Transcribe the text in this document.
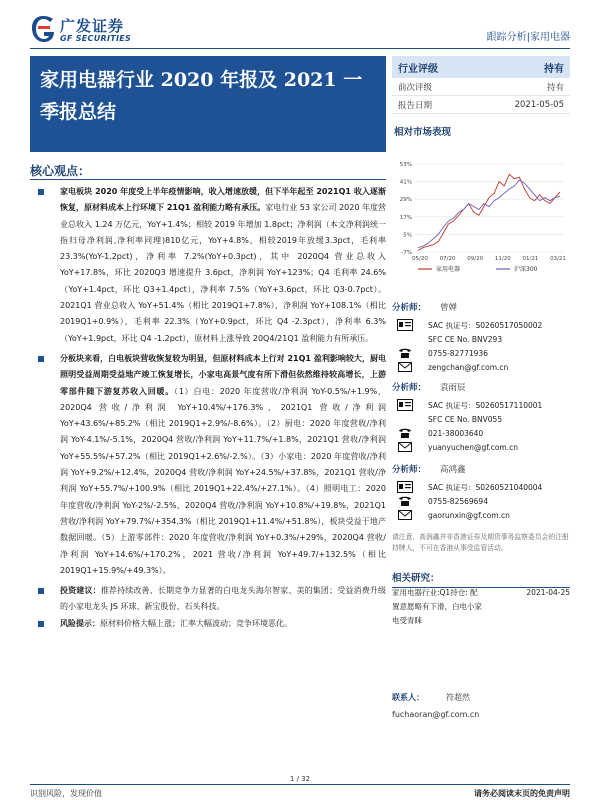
广发证券
GF SECURITIES	跟踪分析|家用电器
家用电器行业 2020 年报及 2021 一季报总结
收入逐渐向好，期待盈利恢复
行业评级	持有
前次评级	持有
报告日期	2021-05-05
相对市场表现
53%
41%
29%
17%
5%
-7%
05/20 07/20 09/20 11/20 01/21 03/21
家用电器	沪深300
分析师： 曾婵
SAC 执证号：S0260517050002
SFC CE No. BNV293
0755-82771936
zengchan@gf.com.cn
分析师： 袁雨辰
SAC 执证号：S0260517110001
SFC CE No. BNV055
021-38003640
yuanyuchen@gf.com.cn
分析师： 高鸿鑫
SAC 执证号：S0260521040004
0755-82569694
gaorunxin@gf.com.cn
请注意，高润鑫并非香港证券及期货事务监察委员会的注册持牌人，不可在香港从事受监管活动。
相关研究：
家用电器行业:Q1持仓: 配	2021-04-25
置意愿略有下滑，白电小家
电受青睐
联系人：	符超然
fuchaoran@gf.com.cn
核心观点：
家电板块 2020 年度受上半年疫情影响，收入增速放缓，但下半年起至 2021Q1 收入逐渐恢复，原材料成本上行环境下 21Q1 盈利能力略有承压。家电行业 53 家公司 2020 年度营业总收入 1.24 万亿元，YoY+1.4%；相较 2019 年增加 1.8pct；净利润（本文净利润统一指归母净利润,净利率同理)810亿元，YoY+4.8%，相较2019年放缓3.3pct，毛利率 23.3%(YoY-1.2pct)，净利率 7.2%(YoY+0.3pct)，其中 2020Q4 营业总收入 YoY+17.8%，环比 2020Q3 增速提升 3.6pct，净利润 YoY+123%；Q4 毛利率 24.6%（YoY+1.4pct，环比 Q3+1.4pct），净利率 7.5%（YoY+3.6pct，环比 Q3-0.7pct）。2021Q1 营业总收入 YoY+51.4%（相比 2019Q1+7.8%），净利润 YoY+108.1%（相比 2019Q1+0.9%），毛利率 22.3%（YoY+0.9pct，环比 Q4 -2.3pct），净利率 6.3%（YoY+1.9pct，环比 Q4 -1.2pct），原材料上涨导致 20Q4/21Q1 盈利能力有所承压。
分板块来看，白电板块营收恢复较为明显，但原材料成本上行对 21Q1 盈利影响较大，厨电照明受益周期受益地产竣工恢复增长，小家电高景气度有所下滑但依然维持较高增长，上游零部件随下游复苏收入回暖。（1）白电：2020 年度营收/净利润 YoY-0.5%/+1.9%，2020Q4 营收/净利润 YoY+10.4%/+176.3%，2021Q1 营收/净利润 YoY+43.6%/+85.2%（相比 2019Q1+2.9%/-8.6%）。（2）厨电：2020 年度营收/净利润 YoY-4.1%/-5.1%，2020Q4 营收/净利润 YoY+11.7%/+1.8%，2021Q1 营收/净利润 YoY+55.5%/+57.2%（相比 2019Q1+2.6%/-2.%）。（3）小家电：2020 年度营收/净利润 YoY+9.2%/+12.4%，2020Q4 营收/净利润 YoY+24.5%/+37.8%，2021Q1 营收/净利润 YoY+55.7%/+100.9%（相比 2019Q1+22.4%/+27.1%）。（4）照明电工：2020 年度营收/净利润 YoY-2%/-2.5%，2020Q4 营收/净利润 YoY+10.8%/+19.8%，2021Q1 营收/净利润 YoY+79.7%/+354.3%（相比 2019Q1+11.4%/+51.8%），板块受益于地产数据回暖。（5）上游零部件：2020 年度营收/净利润 YoY+0.3%/+29%，2020Q4 营收/净利润 YoY+14.6%/+170.2%，2021 营收/净利润 YoY+49.7/+132.5%（相比 2019Q1+15.9%/+49.3%）。
投资建议：推荐持续改善、长期竞争力显著的白电龙头海尔智家、美的集团；受益消费升级的小家电龙头 JS 环球、新宝股份、石头科技。
风险提示：原材料价格大幅上涨；汇率大幅波动；竞争环境恶化。
1 / 32
识别风险，发现价值	请务必阅读末页的免责声明
